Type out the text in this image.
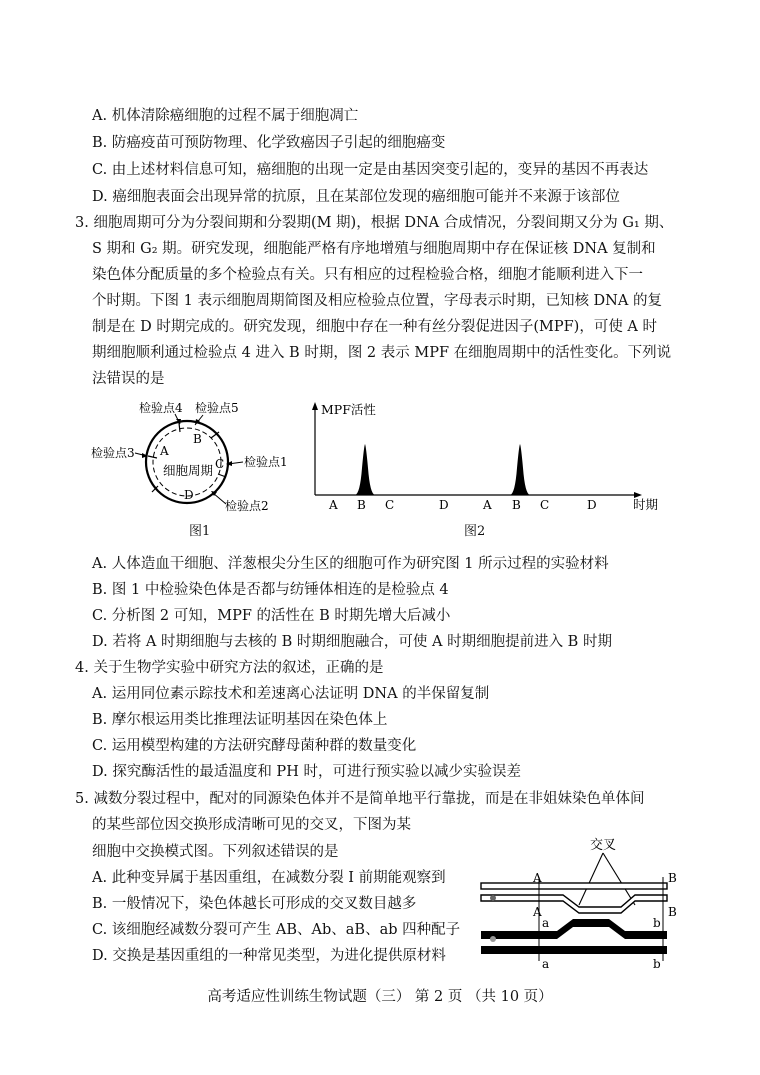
A. 机体清除癌细胞的过程不属于细胞凋亡
B. 防癌疫苗可预防物理、化学致癌因子引起的细胞癌变
C. 由上述材料信息可知，癌细胞的出现一定是由基因突变引起的，变异的基因不再表达
D. 癌细胞表面会出现异常的抗原，且在某部位发现的癌细胞可能并不来源于该部位
3. 细胞周期可分为分裂间期和分裂期(M 期)，根据 DNA 合成情况，分裂间期又分为 G₁ 期、
S 期和 G₂ 期。研究发现，细胞能严格有序地增殖与细胞周期中存在保证核 DNA 复制和
染色体分配质量的多个检验点有关。只有相应的过程检验合格，细胞才能顺利进入下一
个时期。下图 1 表示细胞周期简图及相应检验点位置，字母表示时期，已知核 DNA 的复
制是在 D 时期完成的。研究发现，细胞中存在一种有丝分裂促进因子(MPF)，可使 A 时
期细胞顺利通过检验点 4 进入 B 时期，图 2 表示 MPF 在细胞周期中的活性变化。下列说
法错误的是
检验点4 检验点5
检验点3
检验点1
检验点2
A
B
C
D
细胞周期
图1
MPF活性
时期
A B C	D	A B C	D
图2
A. 人体造血干细胞、洋葱根尖分生区的细胞可作为研究图 1 所示过程的实验材料
B. 图 1 中检验染色体是否都与纺锤体相连的是检验点 4
C. 分析图 2 可知，MPF 的活性在 B 时期先增大后减小
D. 若将 A 时期细胞与去核的 B 时期细胞融合，可使 A 时期细胞提前进入 B 时期
4. 关于生物学实验中研究方法的叙述，正确的是
A. 运用同位素示踪技术和差速离心法证明 DNA 的半保留复制
B. 摩尔根运用类比推理法证明基因在染色体上
C. 运用模型构建的方法研究酵母菌种群的数量变化
D. 探究酶活性的最适温度和 PH 时，可进行预实验以减少实验误差
5. 减数分裂过程中，配对的同源染色体并不是简单地平行靠拢，而是在非姐妹染色单体间
的某些部位因交换形成清晰可见的交叉，下图为某
细胞中交换模式图。下列叙述错误的是
A. 此种变异属于基因重组，在减数分裂 I 前期能观察到
B. 一般情况下，染色体越长可形成的交叉数目越多
C. 该细胞经减数分裂可产生 AB、Ab、aB、ab 四种配子
D. 交换是基因重组的一种常见类型，为进化提供原材料
交叉
A
A
a
a
B
B
b
b
高考适应性训练生物试题（三） 第 2 页 （共 10 页）
